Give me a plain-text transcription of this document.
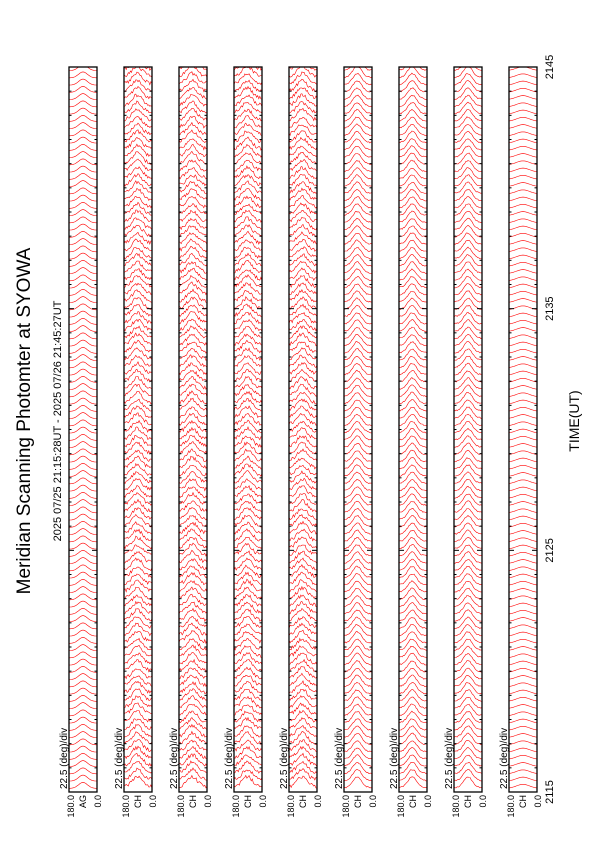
Meridian Scanning Photomter at SYOWA 2025 07/25 21:15:28UT - 2025 07/26 21:45:27UT
180.0 0.0
AG
22.5 (deg)/div
180.0 0.0
CH
22.5 (deg)/div
180.0 0.0
CH
22.5 (deg)/div
180.0 0.0
CH
22.5 (deg)/div
180.0 0.0
CH
22.5 (deg)/div
180.0 0.0
CH
22.5 (deg)/div
180.0 0.0
CH
22.5 (deg)/div
180.0 0.0
CH
22.5 (deg)/div
180.0 0.0
CH
22.5 (deg)/div
2115
2125
2135
2145
TIME(UT)
